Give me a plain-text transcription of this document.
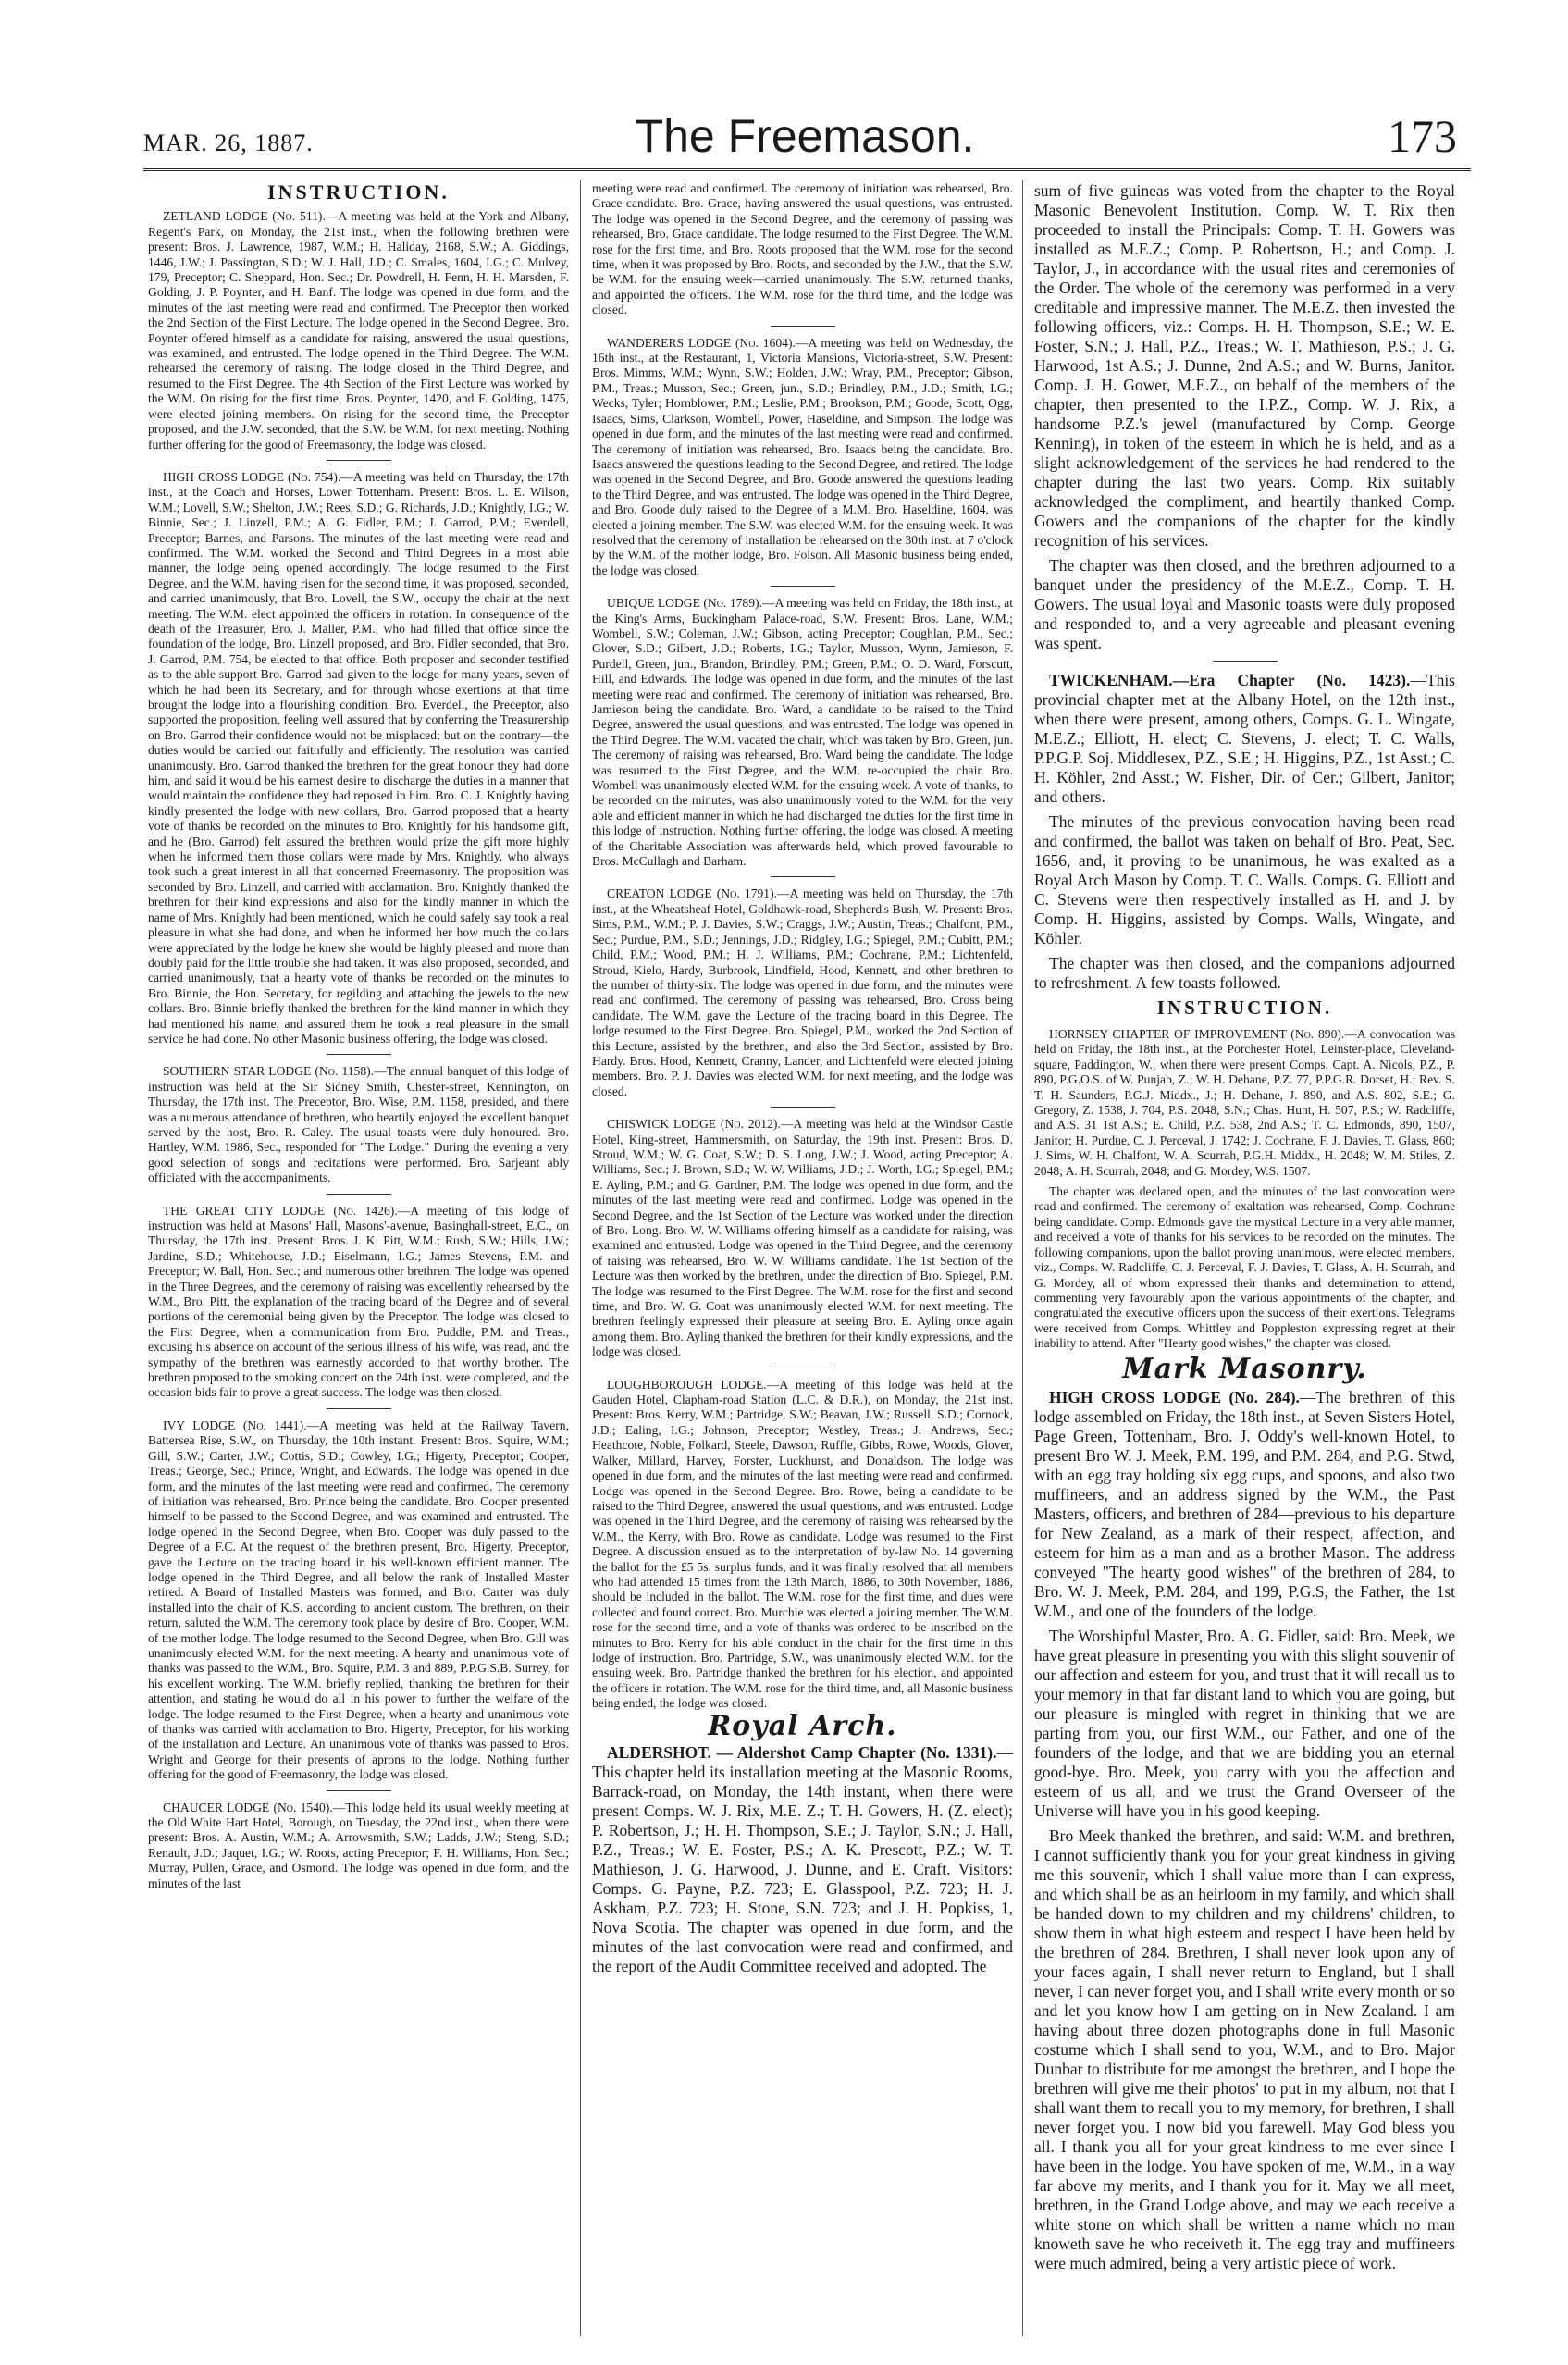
MAR. 26, 1887.	The Freemason.	173
INSTRUCTION.

ZETLAND LODGE (No. 511).—A meeting was held at the York and Albany, Regent's Park, on Monday, the 21st inst., when the following brethren were present: Bros. J. Lawrence, 1987, W.M.; H. Haliday, 2168, S.W.; A. Giddings, 1446, J.W.; J. Passington, S.D.; W. J. Hall, J.D.; C. Smales, 1604, I.G.; C. Mulvey, 179, Preceptor; C. Sheppard, Hon. Sec.; Dr. Powdrell, H. Fenn, H. H. Marsden, F. Golding, J. P. Poynter, and H. Banf. The lodge was opened in due form, and the minutes of the last meeting were read and confirmed. The Preceptor then worked the 2nd Section of the First Lecture. The lodge opened in the Second Degree. Bro. Poynter offered himself as a candidate for raising, answered the usual questions, was examined, and entrusted. The lodge opened in the Third Degree. The W.M. rehearsed the ceremony of raising. The lodge closed in the Third Degree, and resumed to the First Degree. The 4th Section of the First Lecture was worked by the W.M. On rising for the first time, Bros. Poynter, 1420, and F. Golding, 1475, were elected joining members. On rising for the second time, the Preceptor proposed, and the J.W. seconded, that the S.W. be W.M. for next meeting. Nothing further offering for the good of Freemasonry, the lodge was closed.

HIGH CROSS LODGE (No. 754).—A meeting was held on Thursday, the 17th inst., at the Coach and Horses, Lower Tottenham. Present: Bros. L. E. Wilson, W.M.; Lovell, S.W.; Shelton, J.W.; Rees, S.D.; G. Richards, J.D.; Knightly, I.G.; W. Binnie, Sec.; J. Linzell, P.M.; A. G. Fidler, P.M.; J. Garrod, P.M.; Everdell, Preceptor; Barnes, and Parsons. The minutes of the last meeting were read and confirmed. The W.M. worked the Second and Third Degrees in a most able manner, the lodge being opened accordingly. The lodge resumed to the First Degree, and the W.M. having risen for the second time, it was proposed, seconded, and carried unanimously, that Bro. Lovell, the S.W., occupy the chair at the next meeting. The W.M. elect appointed the officers in rotation. In consequence of the death of the Treasurer, Bro. J. Maller, P.M., who had filled that office since the foundation of the lodge, Bro. Linzell proposed, and Bro. Fidler seconded, that Bro. J. Garrod, P.M. 754, be elected to that office. Both proposer and seconder testified as to the able support Bro. Garrod had given to the lodge for many years, seven of which he had been its Secretary, and for through whose exertions at that time brought the lodge into a flourishing condition. Bro. Everdell, the Preceptor, also supported the proposition, feeling well assured that by conferring the Treasurership on Bro. Garrod their confidence would not be misplaced; but on the contrary—the duties would be carried out faithfully and efficiently. The resolution was carried unanimously. Bro. Garrod thanked the brethren for the great honour they had done him, and said it would be his earnest desire to discharge the duties in a manner that would maintain the confidence they had reposed in him. Bro. C. J. Knightly having kindly presented the lodge with new collars, Bro. Garrod proposed that a hearty vote of thanks be recorded on the minutes to Bro. Knightly for his handsome gift, and he (Bro. Garrod) felt assured the brethren would prize the gift more highly when he informed them those collars were made by Mrs. Knightly, who always took such a great interest in all that concerned Freemasonry. The proposition was seconded by Bro. Linzell, and carried with acclamation. Bro. Knightly thanked the brethren for their kind expressions and also for the kindly manner in which the name of Mrs. Knightly had been mentioned, which he could safely say took a real pleasure in what she had done, and when he informed her how much the collars were appreciated by the lodge he knew she would be highly pleased and more than doubly paid for the little trouble she had taken. It was also proposed, seconded, and carried unanimously, that a hearty vote of thanks be recorded on the minutes to Bro. Binnie, the Hon. Secretary, for regilding and attaching the jewels to the new collars. Bro. Binnie briefly thanked the brethren for the kind manner in which they had mentioned his name, and assured them he took a real pleasure in the small service he had done. No other Masonic business offering, the lodge was closed.

SOUTHERN STAR LODGE (No. 1158).—The annual banquet of this lodge of instruction was held at the Sir Sidney Smith, Chester-street, Kennington, on Thursday, the 17th inst. The Preceptor, Bro. Wise, P.M. 1158, presided, and there was a numerous attendance of brethren, who heartily enjoyed the excellent banquet served by the host, Bro. R. Caley. The usual toasts were duly honoured. Bro. Hartley, W.M. 1986, Sec., responded for "The Lodge." During the evening a very good selection of songs and recitations were performed. Bro. Sarjeant ably officiated with the accompaniments.

THE GREAT CITY LODGE (No. 1426).—A meeting of this lodge of instruction was held at Masons' Hall, Masons'-avenue, Basinghall-street, E.C., on Thursday, the 17th inst. Present: Bros. J. K. Pitt, W.M.; Rush, S.W.; Hills, J.W.; Jardine, S.D.; Whitehouse, J.D.; Eiselmann, I.G.; James Stevens, P.M. and Preceptor; W. Ball, Hon. Sec.; and numerous other brethren. The lodge was opened in the Three Degrees, and the ceremony of raising was excellently rehearsed by the W.M., Bro. Pitt, the explanation of the tracing board of the Degree and of several portions of the ceremonial being given by the Preceptor. The lodge was closed to the First Degree, when a communication from Bro. Puddle, P.M. and Treas., excusing his absence on account of the serious illness of his wife, was read, and the sympathy of the brethren was earnestly accorded to that worthy brother. The brethren proposed to the smoking concert on the 24th inst. were completed, and the occasion bids fair to prove a great success. The lodge was then closed.

IVY LODGE (No. 1441).—A meeting was held at the Railway Tavern, Battersea Rise, S.W., on Thursday, the 10th instant. Present: Bros. Squire, W.M.; Gill, S.W.; Carter, J.W.; Cottis, S.D.; Cowley, I.G.; Higerty, Preceptor; Cooper, Treas.; George, Sec.; Prince, Wright, and Edwards. The lodge was opened in due form, and the minutes of the last meeting were read and confirmed. The ceremony of initiation was rehearsed, Bro. Prince being the candidate. Bro. Cooper presented himself to be passed to the Second Degree, and was examined and entrusted. The lodge opened in the Second Degree, when Bro. Cooper was duly passed to the Degree of a F.C. At the request of the brethren present, Bro. Higerty, Preceptor, gave the Lecture on the tracing board in his well-known efficient manner. The lodge opened in the Third Degree, and all below the rank of Installed Master retired. A Board of Installed Masters was formed, and Bro. Carter was duly installed into the chair of K.S. according to ancient custom. The brethren, on their return, saluted the W.M. The ceremony took place by desire of Bro. Cooper, W.M. of the mother lodge. The lodge resumed to the Second Degree, when Bro. Gill was unanimously elected W.M. for the next meeting. A hearty and unanimous vote of thanks was passed to the W.M., Bro. Squire, P.M. 3 and 889, P.P.G.S.B. Surrey, for his excellent working. The W.M. briefly replied, thanking the brethren for their attention, and stating he would do all in his power to further the welfare of the lodge. The lodge resumed to the First Degree, when a hearty and unanimous vote of thanks was carried with acclamation to Bro. Higerty, Preceptor, for his working of the installation and Lecture. An unanimous vote of thanks was passed to Bros. Wright and George for their presents of aprons to the lodge. Nothing further offering for the good of Freemasonry, the lodge was closed.

CHAUCER LODGE (No. 1540).—This lodge held its usual weekly meeting at the Old White Hart Hotel, Borough, on Tuesday, the 22nd inst., when there were present: Bros. A. Austin, W.M.; A. Arrowsmith, S.W.; Ladds, J.W.; Steng, S.D.; Renault, J.D.; Jaquet, I.G.; W. Roots, acting Preceptor; F. H. Williams, Hon. Sec.; Murray, Pullen, Grace, and Osmond. The lodge was opened in due form, and the minutes of the last

meeting were read and confirmed. The ceremony of initiation was rehearsed, Bro. Grace candidate. Bro. Grace, having answered the usual questions, was entrusted. The lodge was opened in the Second Degree, and the ceremony of passing was rehearsed, Bro. Grace candidate. The lodge resumed to the First Degree. The W.M. rose for the first time, and Bro. Roots proposed that the W.M. rose for the second time, when it was proposed by Bro. Roots, and seconded by the J.W., that the S.W. be W.M. for the ensuing week—carried unanimously. The S.W. returned thanks, and appointed the officers. The W.M. rose for the third time, and the lodge was closed.

WANDERERS LODGE (No. 1604).—A meeting was held on Wednesday, the 16th inst., at the Restaurant, 1, Victoria Mansions, Victoria-street, S.W. Present: Bros. Mimms, W.M.; Wynn, S.W.; Holden, J.W.; Wray, P.M., Preceptor; Gibson, P.M., Treas.; Musson, Sec.; Green, jun., S.D.; Brindley, P.M., J.D.; Smith, I.G.; Wecks, Tyler; Hornblower, P.M.; Leslie, P.M.; Brookson, P.M.; Goode, Scott, Ogg, Isaacs, Sims, Clarkson, Wombell, Power, Haseldine, and Simpson. The lodge was opened in due form, and the minutes of the last meeting were read and confirmed. The ceremony of initiation was rehearsed, Bro. Isaacs being the candidate. Bro. Isaacs answered the questions leading to the Second Degree, and retired. The lodge was opened in the Second Degree, and Bro. Goode answered the questions leading to the Third Degree, and was entrusted. The lodge was opened in the Third Degree, and Bro. Goode duly raised to the Degree of a M.M. Bro. Haseldine, 1604, was elected a joining member. The S.W. was elected W.M. for the ensuing week. It was resolved that the ceremony of installation be rehearsed on the 30th inst. at 7 o'clock by the W.M. of the mother lodge, Bro. Folson. All Masonic business being ended, the lodge was closed.

UBIQUE LODGE (No. 1789).—A meeting was held on Friday, the 18th inst., at the King's Arms, Buckingham Palace-road, S.W. Present: Bros. Lane, W.M.; Wombell, S.W.; Coleman, J.W.; Gibson, acting Preceptor; Coughlan, P.M., Sec.; Glover, S.D.; Gilbert, J.D.; Roberts, I.G.; Taylor, Musson, Wynn, Jamieson, F. Purdell, Green, jun., Brandon, Brindley, P.M.; Green, P.M.; O. D. Ward, Forscutt, Hill, and Edwards. The lodge was opened in due form, and the minutes of the last meeting were read and confirmed. The ceremony of initiation was rehearsed, Bro. Jamieson being the candidate. Bro. Ward, a candidate to be raised to the Third Degree, answered the usual questions, and was entrusted. The lodge was opened in the Third Degree. The W.M. vacated the chair, which was taken by Bro. Green, jun. The ceremony of raising was rehearsed, Bro. Ward being the candidate. The lodge was resumed to the First Degree, and the W.M. re-occupied the chair. Bro. Wombell was unanimously elected W.M. for the ensuing week. A vote of thanks, to be recorded on the minutes, was also unanimously voted to the W.M. for the very able and efficient manner in which he had discharged the duties for the first time in this lodge of instruction. Nothing further offering, the lodge was closed. A meeting of the Charitable Association was afterwards held, which proved favourable to Bros. McCullagh and Barham.

CREATON LODGE (No. 1791).—A meeting was held on Thursday, the 17th inst., at the Wheatsheaf Hotel, Goldhawk-road, Shepherd's Bush, W. Present: Bros. Sims, P.M., W.M.; P. J. Davies, S.W.; Craggs, J.W.; Austin, Treas.; Chalfont, P.M., Sec.; Purdue, P.M., S.D.; Jennings, J.D.; Ridgley, I.G.; Spiegel, P.M.; Cubitt, P.M.; Child, P.M.; Wood, P.M.; H. J. Williams, P.M.; Cochrane, P.M.; Lichtenfeld, Stroud, Kielo, Hardy, Burbrook, Lindfield, Hood, Kennett, and other brethren to the number of thirty-six. The lodge was opened in due form, and the minutes were read and confirmed. The ceremony of passing was rehearsed, Bro. Cross being candidate. The W.M. gave the Lecture of the tracing board in this Degree. The lodge resumed to the First Degree. Bro. Spiegel, P.M., worked the 2nd Section of this Lecture, assisted by the brethren, and also the 3rd Section, assisted by Bro. Hardy. Bros. Hood, Kennett, Cranny, Lander, and Lichtenfeld were elected joining members. Bro. P. J. Davies was elected W.M. for next meeting, and the lodge was closed.

CHISWICK LODGE (No. 2012).—A meeting was held at the Windsor Castle Hotel, King-street, Hammersmith, on Saturday, the 19th inst. Present: Bros. D. Stroud, W.M.; W. G. Coat, S.W.; D. S. Long, J.W.; J. Wood, acting Preceptor; A. Williams, Sec.; J. Brown, S.D.; W. W. Williams, J.D.; J. Worth, I.G.; Spiegel, P.M.; E. Ayling, P.M.; and G. Gardner, P.M. The lodge was opened in due form, and the minutes of the last meeting were read and confirmed. Lodge was opened in the Second Degree, and the 1st Section of the Lecture was worked under the direction of Bro. Long. Bro. W. W. Williams offering himself as a candidate for raising, was examined and entrusted. Lodge was opened in the Third Degree, and the ceremony of raising was rehearsed, Bro. W. W. Williams candidate. The 1st Section of the Lecture was then worked by the brethren, under the direction of Bro. Spiegel, P.M. The lodge was resumed to the First Degree. The W.M. rose for the first and second time, and Bro. W. G. Coat was unanimously elected W.M. for next meeting. The brethren feelingly expressed their pleasure at seeing Bro. E. Ayling once again among them. Bro. Ayling thanked the brethren for their kindly expressions, and the lodge was closed.

LOUGHBOROUGH LODGE.—A meeting of this lodge was held at the Gauden Hotel, Clapham-road Station (L.C. & D.R.), on Monday, the 21st inst. Present: Bros. Kerry, W.M.; Partridge, S.W.; Beavan, J.W.; Russell, S.D.; Cornock, J.D.; Ealing, I.G.; Johnson, Preceptor; Westley, Treas.; J. Andrews, Sec.; Heathcote, Noble, Folkard, Steele, Dawson, Ruffle, Gibbs, Rowe, Woods, Glover, Walker, Millard, Harvey, Forster, Luckhurst, and Donaldson. The lodge was opened in due form, and the minutes of the last meeting were read and confirmed. Lodge was opened in the Second Degree. Bro. Rowe, being a candidate to be raised to the Third Degree, answered the usual questions, and was entrusted. Lodge was opened in the Third Degree, and the ceremony of raising was rehearsed by the W.M., the Kerry, with Bro. Rowe as candidate. Lodge was resumed to the First Degree. A discussion ensued as to the interpretation of by-law No. 14 governing the ballot for the £5 5s. surplus funds, and it was finally resolved that all members who had attended 15 times from the 13th March, 1886, to 30th November, 1886, should be included in the ballot. The W.M. rose for the first time, and dues were collected and found correct. Bro. Murchie was elected a joining member. The W.M. rose for the second time, and a vote of thanks was ordered to be inscribed on the minutes to Bro. Kerry for his able conduct in the chair for the first time in this lodge of instruction. Bro. Partridge, S.W., was unanimously elected W.M. for the ensuing week. Bro. Partridge thanked the brethren for his election, and appointed the officers in rotation. The W.M. rose for the third time, and, all Masonic business being ended, the lodge was closed.

Royal Arch.

ALDERSHOT. — Aldershot Camp Chapter (No. 1331).—This chapter held its installation meeting at the Masonic Rooms, Barrack-road, on Monday, the 14th instant, when there were present Comps. W. J. Rix, M.E. Z.; T. H. Gowers, H. (Z. elect); P. Robertson, J.; H. H. Thompson, S.E.; J. Taylor, S.N.; J. Hall, P.Z., Treas.; W. E. Foster, P.S.; A. K. Prescott, P.Z.; W. T. Mathieson, J. G. Harwood, J. Dunne, and E. Craft. Visitors: Comps. G. Payne, P.Z. 723; E. Glasspool, P.Z. 723; H. J. Askham, P.Z. 723; H. Stone, S.N. 723; and J. H. Popkiss, 1, Nova Scotia. The chapter was opened in due form, and the minutes of the last convocation were read and confirmed, and the report of the Audit Committee received and adopted. The

sum of five guineas was voted from the chapter to the Royal Masonic Benevolent Institution. Comp. W. T. Rix then proceeded to install the Principals: Comp. T. H. Gowers was installed as M.E.Z.; Comp. P. Robertson, H.; and Comp. J. Taylor, J., in accordance with the usual rites and ceremonies of the Order. The whole of the ceremony was performed in a very creditable and impressive manner. The M.E.Z. then invested the following officers, viz.: Comps. H. H. Thompson, S.E.; W. E. Foster, S.N.; J. Hall, P.Z., Treas.; W. T. Mathieson, P.S.; J. G. Harwood, 1st A.S.; J. Dunne, 2nd A.S.; and W. Burns, Janitor. Comp. J. H. Gower, M.E.Z., on behalf of the members of the chapter, then presented to the I.P.Z., Comp. W. J. Rix, a handsome P.Z.'s jewel (manufactured by Comp. George Kenning), in token of the esteem in which he is held, and as a slight acknowledgement of the services he had rendered to the chapter during the last two years. Comp. Rix suitably acknowledged the compliment, and heartily thanked Comp. Gowers and the companions of the chapter for the kindly recognition of his services.

The chapter was then closed, and the brethren adjourned to a banquet under the presidency of the M.E.Z., Comp. T. H. Gowers. The usual loyal and Masonic toasts were duly proposed and responded to, and a very agreeable and pleasant evening was spent.

TWICKENHAM.—Era Chapter (No. 1423).—This provincial chapter met at the Albany Hotel, on the 12th inst., when there were present, among others, Comps. G. L. Wingate, M.E.Z.; Elliott, H. elect; C. Stevens, J. elect; T. C. Walls, P.P.G.P. Soj. Middlesex, P.Z., S.E.; H. Higgins, P.Z., 1st Asst.; C. H. Köhler, 2nd Asst.; W. Fisher, Dir. of Cer.; Gilbert, Janitor; and others.

The minutes of the previous convocation having been read and confirmed, the ballot was taken on behalf of Bro. Peat, Sec. 1656, and, it proving to be unanimous, he was exalted as a Royal Arch Mason by Comp. T. C. Walls. Comps. G. Elliott and C. Stevens were then respectively installed as H. and J. by Comp. H. Higgins, assisted by Comps. Walls, Wingate, and Köhler.

The chapter was then closed, and the companions adjourned to refreshment. A few toasts followed.

INSTRUCTION.

HORNSEY CHAPTER OF IMPROVEMENT (No. 890).—A convocation was held on Friday, the 18th inst., at the Porchester Hotel, Leinster-place, Cleveland-square, Paddington, W., when there were present Comps. Capt. A. Nicols, P.Z., P. 890, P.G.O.S. of W. Punjab, Z.; W. H. Dehane, P.Z. 77, P.P.G.R. Dorset, H.; Rev. S. T. H. Saunders, P.G.J. Middx., J.; H. Dehane, J. 890, and A.S. 802, S.E.; G. Gregory, Z. 1538, J. 704, P.S. 2048, S.N.; Chas. Hunt, H. 507, P.S.; W. Radcliffe, and A.S. 31 1st A.S.; E. Child, P.Z. 538, 2nd A.S.; T. C. Edmonds, 890, 1507, Janitor; H. Purdue, C. J. Perceval, J. 1742; J. Cochrane, F. J. Davies, T. Glass, 860; J. Sims, W. H. Chalfont, W. A. Scurrah, P.G.H. Middx., H. 2048; W. M. Stiles, Z. 2048; A. H. Scurrah, 2048; and G. Mordey, W.S. 1507.

The chapter was declared open, and the minutes of the last convocation were read and confirmed. The ceremony of exaltation was rehearsed, Comp. Cochrane being candidate. Comp. Edmonds gave the mystical Lecture in a very able manner, and received a vote of thanks for his services to be recorded on the minutes. The following companions, upon the ballot proving unanimous, were elected members, viz., Comps. W. Radcliffe, C. J. Perceval, F. J. Davies, T. Glass, A. H. Scurrah, and G. Mordey, all of whom expressed their thanks and determination to attend, commenting very favourably upon the various appointments of the chapter, and congratulated the executive officers upon the success of their exertions. Telegrams were received from Comps. Whittley and Poppleston expressing regret at their inability to attend. After "Hearty good wishes," the chapter was closed.

Mark Masonry.

HIGH CROSS LODGE (No. 284).—The brethren of this lodge assembled on Friday, the 18th inst., at Seven Sisters Hotel, Page Green, Tottenham, Bro. J. Oddy's well-known Hotel, to present Bro W. J. Meek, P.M. 199, and P.M. 284, and P.G. Stwd, with an egg tray holding six egg cups, and spoons, and also two muffineers, and an address signed by the W.M., the Past Masters, officers, and brethren of 284—previous to his departure for New Zealand, as a mark of their respect, affection, and esteem for him as a man and as a brother Mason. The address conveyed "The hearty good wishes" of the brethren of 284, to Bro. W. J. Meek, P.M. 284, and 199, P.G.S, the Father, the 1st W.M., and one of the founders of the lodge.

The Worshipful Master, Bro. A. G. Fidler, said: Bro. Meek, we have great pleasure in presenting you with this slight souvenir of our affection and esteem for you, and trust that it will recall us to your memory in that far distant land to which you are going, but our pleasure is mingled with regret in thinking that we are parting from you, our first W.M., our Father, and one of the founders of the lodge, and that we are bidding you an eternal good-bye. Bro. Meek, you carry with you the affection and esteem of us all, and we trust the Grand Overseer of the Universe will have you in his good keeping.

Bro Meek thanked the brethren, and said: W.M. and brethren, I cannot sufficiently thank you for your great kindness in giving me this souvenir, which I shall value more than I can express, and which shall be as an heirloom in my family, and which shall be handed down to my children and my childrens' children, to show them in what high esteem and respect I have been held by the brethren of 284. Brethren, I shall never look upon any of your faces again, I shall never return to England, but I shall never, I can never forget you, and I shall write every month or so and let you know how I am getting on in New Zealand. I am having about three dozen photographs done in full Masonic costume which I shall send to you, W.M., and to Bro. Major Dunbar to distribute for me amongst the brethren, and I hope the brethren will give me their photos' to put in my album, not that I shall want them to recall you to my memory, for brethren, I shall never forget you. I now bid you farewell. May God bless you all. I thank you all for your great kindness to me ever since I have been in the lodge. You have spoken of me, W.M., in a way far above my merits, and I thank you for it. May we all meet, brethren, in the Grand Lodge above, and may we each receive a white stone on which shall be written a name which no man knoweth save he who receiveth it. The egg tray and muffineers were much admired, being a very artistic piece of work.
